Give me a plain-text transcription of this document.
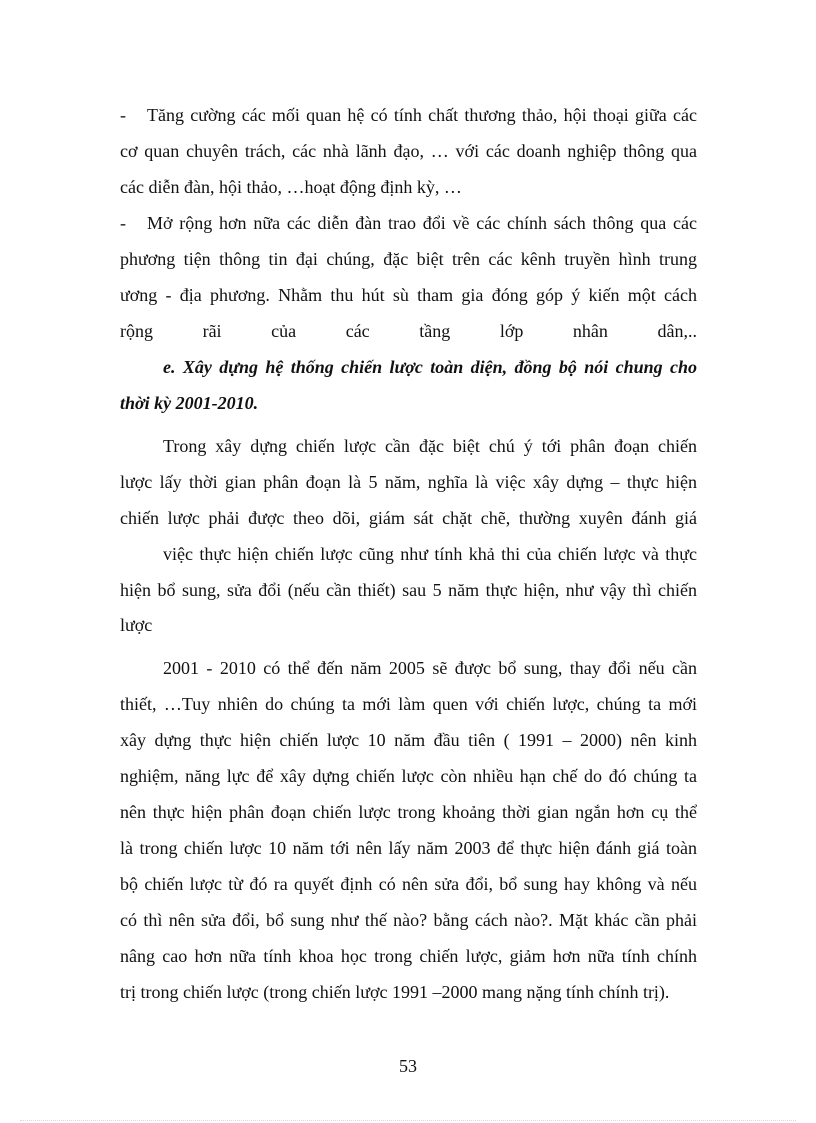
- Tăng cường các mối quan hệ có tính chất thương thảo, hội thoại giữa các
cơ quan chuyên trách, các nhà lãnh đạo, … với các doanh nghiệp thông qua
các diễn đàn, hội thảo, …hoạt động định kỳ, …
- Mở rộng hơn nữa các diễn đàn trao đổi về các chính sách thông qua các
phương tiện thông tin đại chúng, đặc biệt trên các kênh truyền hình trung
ương - địa phương. Nhằm thu hút sù tham gia đóng góp ý kiến một cách
rộng rãi của các tầng lớp nhân dân,..
e. Xây dựng hệ thống chiến lược toàn diện, đồng bộ nói chung cho
thời kỳ 2001-2010.
Trong xây dựng chiến lược cần đặc biệt chú ý tới phân đoạn chiến
lược lấy thời gian phân đoạn là 5 năm, nghĩa là việc xây dựng – thực hiện
chiến lược phải được theo dõi, giám sát chặt chẽ, thường xuyên đánh giá
việc thực hiện chiến lược cũng như tính khả thi của chiến lược và thực
hiện bổ sung, sửa đổi (nếu cần thiết) sau 5 năm thực hiện, như vậy thì chiến
lược
2001 - 2010 có thể đến năm 2005 sẽ được bổ sung, thay đổi nếu cần
thiết, …Tuy nhiên do chúng ta mới làm quen với chiến lược, chúng ta mới
xây dựng thực hiện chiến lược 10 năm đầu tiên ( 1991 – 2000) nên kinh
nghiệm, năng lực để xây dựng chiến lược còn nhiều hạn chế do đó chúng ta
nên thực hiện phân đoạn chiến lược trong khoảng thời gian ngắn hơn cụ thể
là trong chiến lược 10 năm tới nên lấy năm 2003 để thực hiện đánh giá toàn
bộ chiến lược từ đó ra quyết định có nên sửa đổi, bổ sung hay không và nếu
có thì nên sửa đổi, bổ sung như thế nào? bằng cách nào?. Mặt khác cần phải
nâng cao hơn nữa tính khoa học trong chiến lược, giảm hơn nữa tính chính
trị trong chiến lược (trong chiến lược 1991 –2000 mang nặng tính chính trị).
53
